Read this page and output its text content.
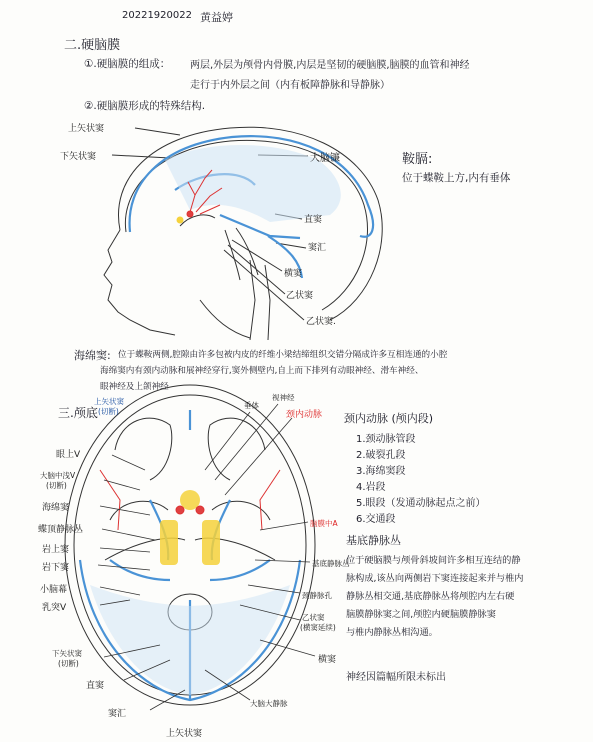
20221920022 黄益婷
二.硬脑膜
①.硬脑膜的组成： 两层,外层为颅骨内骨膜,内层是坚韧的硬脑膜,脑膜的血管和神经
走行于内外层之间（内有板障静脉和导静脉）
②.硬脑膜形成的特殊结构.
上矢状窦
下矢状窦	大脑镰
直窦
窦汇
横窦
乙状窦
乙状窦.
鞍膈:
位于蝶鞍上方,内有垂体
海绵窦: 位于蝶鞍两侧,腔隙由许多包被内皮的纤维小梁结缔组织交错分隔成许多互相连通的小腔
海绵窦内有颈内动脉和展神经穿行,窦外侧壁内,自上而下排列有动眼神经、滑车神经、
眼神经及上颌神经
三.颅底
上矢状窦
(切断)
眼上V
大脑中浅V
(切断)
海绵窦
蝶顶静脉丛
岩上窦
岩下窦
小脑幕
乳突V
下矢状窦
(切断)
直窦
窦汇
上矢状窦
垂体
视神经
颈内动脉
脑膜中A
基底静脉丛
颈静脉孔
乙状窦
(横窦延续)
横窦
大脑大静脉
颈内动脉 (颅内段)
1.颈动脉管段
2.破裂孔段
3.海绵窦段
4.岩段
5.眼段（发通动脉起点之前）
6.交通段
基底静脉丛
位于硬脑膜与颅骨斜坡间许多相互连结的静
脉构成,该丛向两侧岩下窦连接起来并与椎内
静脉丛相交通,基底静脉丛将颅腔内左右硬
脑膜静脉窦之间,颅腔内硬脑膜静脉窦
与椎内静脉丛相沟通。
神经因篇幅所限未标出
